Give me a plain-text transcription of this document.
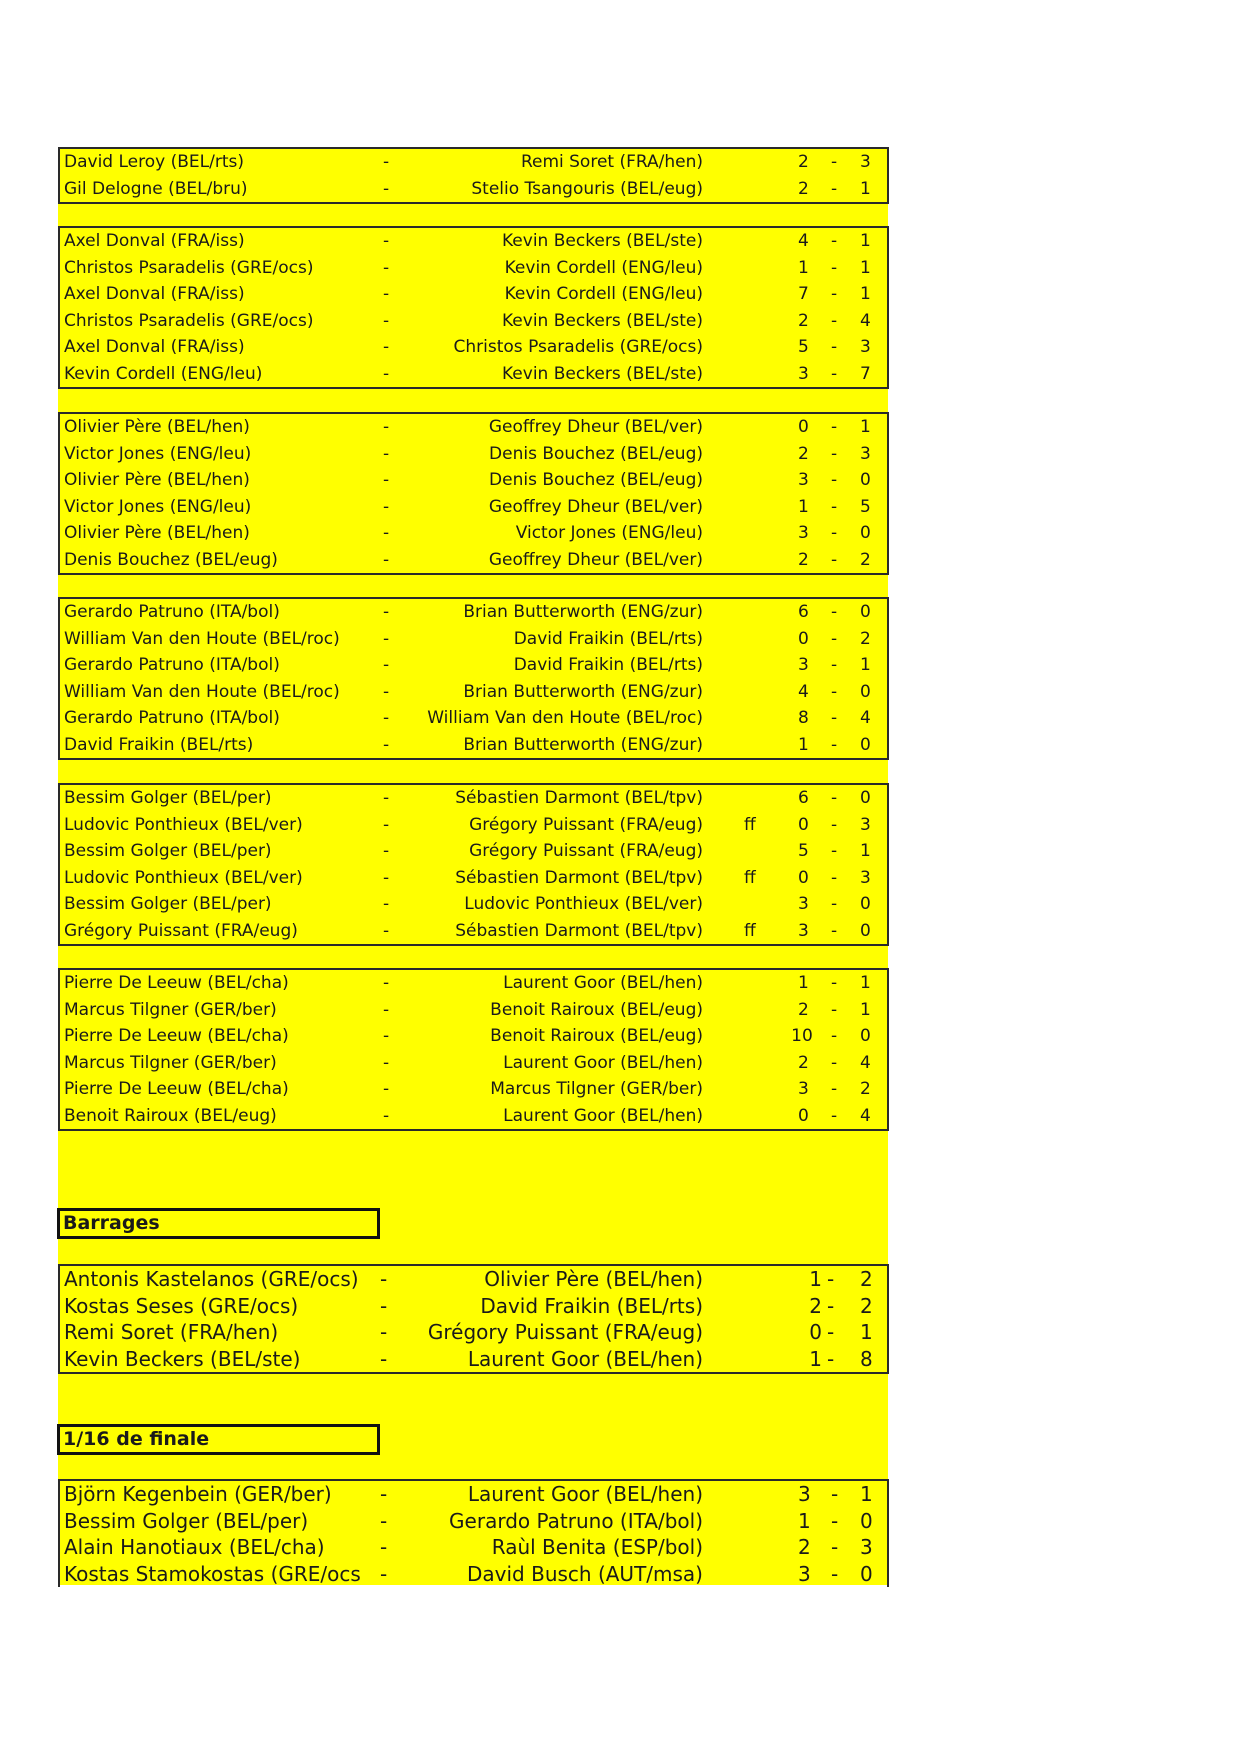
David Leroy (BEL/rts)	-	Remi Soret (FRA/hen)	2 - 3
Gil Delogne (BEL/bru)	-	Stelio Tsangouris (BEL/eug)	2 - 1
Axel Donval (FRA/iss)	-	Kevin Beckers (BEL/ste)	4 - 1
Christos Psaradelis (GRE/ocs)	-	Kevin Cordell (ENG/leu)	1 - 1
Axel Donval (FRA/iss)	-	Kevin Cordell (ENG/leu)	7 - 1
Christos Psaradelis (GRE/ocs)	-	Kevin Beckers (BEL/ste)	2 - 4
Axel Donval (FRA/iss)	-	Christos Psaradelis (GRE/ocs)	5 - 3
Kevin Cordell (ENG/leu)	-	Kevin Beckers (BEL/ste)	3 - 7
Olivier Père (BEL/hen)	-	Geoffrey Dheur (BEL/ver)	0 - 1
Victor Jones (ENG/leu)	-	Denis Bouchez (BEL/eug)	2 - 3
Olivier Père (BEL/hen)	-	Denis Bouchez (BEL/eug)	3 - 0
Victor Jones (ENG/leu)	-	Geoffrey Dheur (BEL/ver)	1 - 5
Olivier Père (BEL/hen)	-	Victor Jones (ENG/leu)	3 - 0
Denis Bouchez (BEL/eug)	-	Geoffrey Dheur (BEL/ver)	2 - 2
Gerardo Patruno (ITA/bol)	-	Brian Butterworth (ENG/zur)	6 - 0
William Van den Houte (BEL/roc)	-	David Fraikin (BEL/rts)	0 - 2
Gerardo Patruno (ITA/bol)	-	David Fraikin (BEL/rts)	3 - 1
William Van den Houte (BEL/roc)	-	Brian Butterworth (ENG/zur)	4 - 0
Gerardo Patruno (ITA/bol)	- William Van den Houte (BEL/roc)	8 - 4
David Fraikin (BEL/rts)	-	Brian Butterworth (ENG/zur)	1 - 0
Bessim Golger (BEL/per)	-	Sébastien Darmont (BEL/tpv)	6 - 0
Ludovic Ponthieux (BEL/ver)	-	Grégory Puissant (FRA/eug) ff 0 - 3
Bessim Golger (BEL/per)	-	Grégory Puissant (FRA/eug)	5 - 1
Ludovic Ponthieux (BEL/ver)	-	Sébastien Darmont (BEL/tpv) ff 0 - 3
Bessim Golger (BEL/per)	-	Ludovic Ponthieux (BEL/ver)	3 - 0
Grégory Puissant (FRA/eug)	-	Sébastien Darmont (BEL/tpv) ff 3 - 0
Pierre De Leeuw (BEL/cha)	-	Laurent Goor (BEL/hen)	1 - 1
Marcus Tilgner (GER/ber)	-	Benoit Rairoux (BEL/eug)	2 - 1
Pierre De Leeuw (BEL/cha)	-	Benoit Rairoux (BEL/eug)	10 - 0
Marcus Tilgner (GER/ber)	-	Laurent Goor (BEL/hen)	2 - 4
Pierre De Leeuw (BEL/cha)	-	Marcus Tilgner (GER/ber)	3 - 2
Benoit Rairoux (BEL/eug)	-	Laurent Goor (BEL/hen)	0 - 4
Barrages
Antonis Kastelanos (GRE/ocs) -	Olivier Père (BEL/hen)	1 - 2
Kostas Seses (GRE/ocs)	-	David Fraikin (BEL/rts)	2 - 2
Remi Soret (FRA/hen)	- Grégory Puissant (FRA/eug)	0 - 1
Kevin Beckers (BEL/ste)	-	Laurent Goor (BEL/hen)	1 - 8
1/16 de finale
Björn Kegenbein (GER/ber) -	Laurent Goor (BEL/hen)	3 - 1
Bessim Golger (BEL/per)	-	Gerardo Patruno (ITA/bol)	1 - 0
Alain Hanotiaux (BEL/cha)	-	Raùl Benita (ESP/bol)	2 - 3
Kostas Stamokostas (GRE/ocs -	David Busch (AUT/msa)	3 - 0
